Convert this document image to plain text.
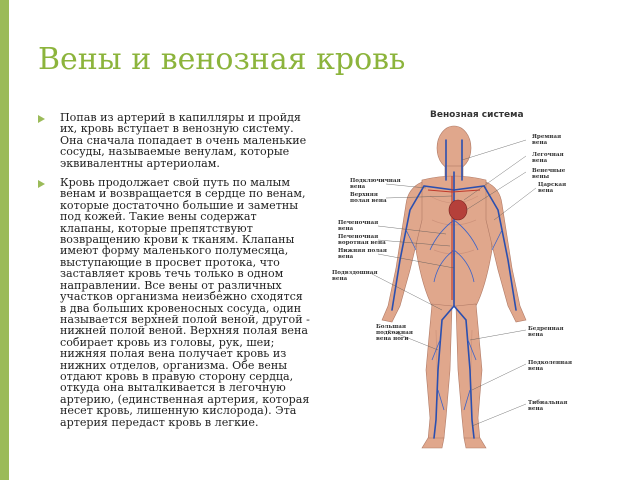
Вены и венозная кровь
Попав из артерий в капилляры и пройдя их, кровь вступает в венозную систему. Она сначала попадает в очень маленькие сосуды, называемые венулам, которые эквивалентны артериолам.
Кровь продолжает свой путь по малым венам и возвращается в сердце по венам, которые достаточно большие и заметны под кожей. Такие вены содержат клапаны, которые препятствуют возвращению крови к тканям. Клапаны имеют форму маленького полумесяца, выступающие в просвет протока, что заставляет кровь течь только в одном направлении. Все вены от различных участков организма неизбежно сходятся в два больших кровеносных сосуда, один называется верхней полой веной, другой - нижней полой веной. Верхняя полая вена собирает кровь из головы, рук, шеи; нижняя полая вена получает кровь из нижних отделов, организма. Обе вены отдают кровь в правую сторону сердца, откуда она выталкивается в легочную артерию, (единственная артерия, которая несет кровь, лишенную кислорода). Эта артерия передаст кровь в легкие.
Венозная система
Яремная
вена
Легочная
вена
Венечные
вены
Подключичная
вена
Верхняя
полая вена
Царская
вена
Печеночная
вена
Печеночная
воротная вена
Нижняя полая
вена
Подвздошная
вена
Большая
подкожная
вена ноги
Бедренная
вена
Подколенная
вена
Тибиальная
вена
